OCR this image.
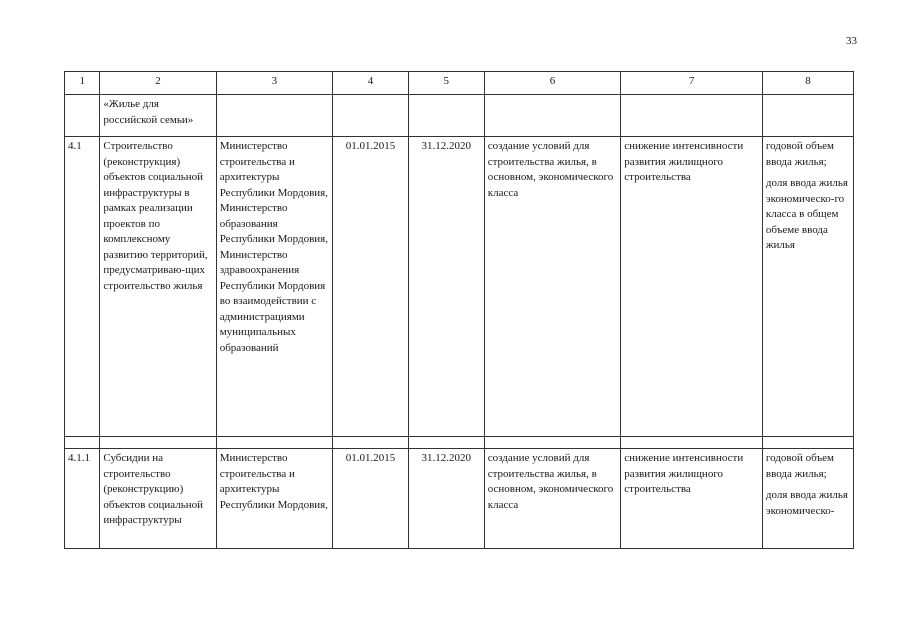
33
1	2	3	4	5	6	7	8
	«Жилье для российской семьи»						
4.1	Строительство (реконструкция) объектов социальной инфраструктуры в рамках реализации проектов по комплексному развитию территорий, предусматриваю-щих строительство жилья	Министерство строительства и архитектуры Республики Мордовия, Министерство образования Республики Мордовия, Министерство здравоохранения Республики Мордовия во взаимодействии с администрациями муниципальных образований	01.01.2015	31.12.2020	создание условий для строительства жилья, в основном, экономического класса	снижение интенсивности развития жилищного строительства	годовой объем ввода жилья;

доля ввода жилья экономическо-го класса в общем объеме ввода жилья

4.1.1	Субсидии на строительство (реконструкцию) объектов социальной инфраструктуры	Министерство строительства и архитектуры Республики Мордовия,	01.01.2015	31.12.2020	создание условий для строительства жилья, в основном, экономического класса	снижение интенсивности развития жилищного строительства	годовой объем ввода жилья;

доля ввода жилья экономическо-
